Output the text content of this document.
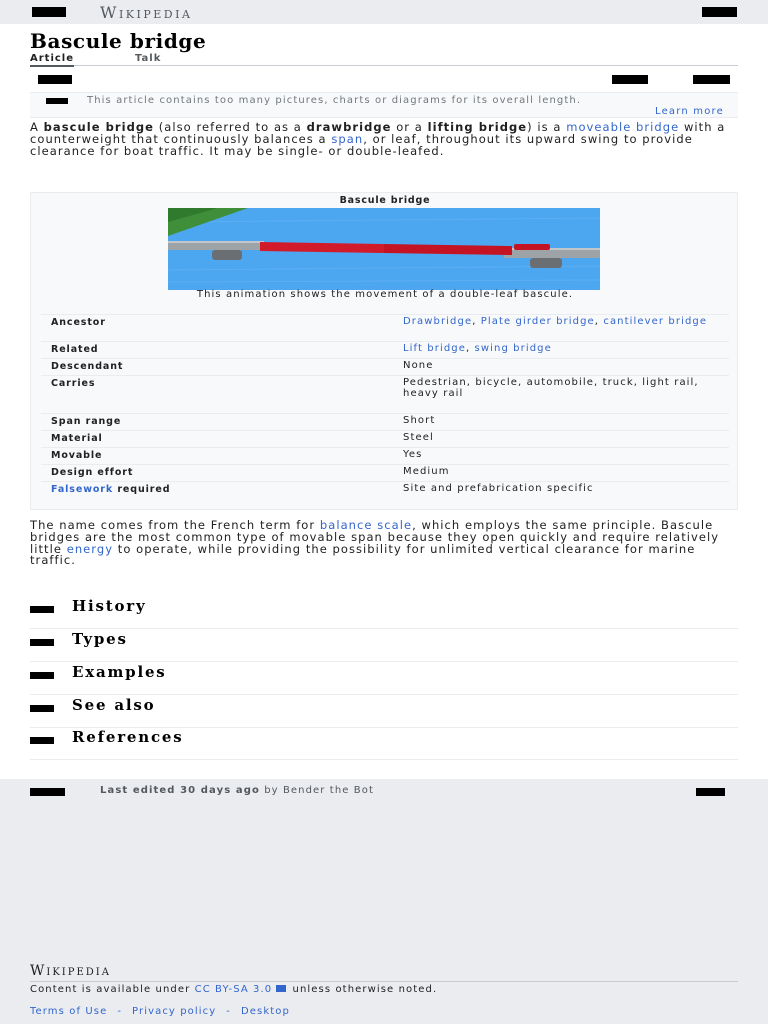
Wikipedia
Bascule bridge
Article	Talk
This article contains too many pictures, charts or diagrams for its overall length.
Learn more

A bascule bridge (also referred to as a drawbridge or a lifting bridge) is a moveable bridge with a counterweight that continuously balances a span, or leaf, throughout its upward swing to provide clearance for boat traffic. It may be single- or double-leafed.

Bascule bridge
This animation shows the movement of a double-leaf bascule.
Ancestor	Drawbridge, Plate girder bridge, cantilever bridge
Related	Lift bridge, swing bridge
Descendant	None
Carries	Pedestrian, bicycle, automobile, truck, light rail, heavy rail
Span range	Short
Material	Steel
Movable	Yes
Design effort	Medium
Falsework required	Site and prefabrication specific

The name comes from the French term for balance scale, which employs the same principle. Bascule bridges are the most common type of movable span because they open quickly and require relatively little energy to operate, while providing the possibility for unlimited vertical clearance for marine traffic.

History
Types
Examples
See also
References
Last edited 30 days ago by Bender the Bot
Wikipedia
Content is available under CC BY-SA 3.0 unless otherwise noted.
Terms of Use - Privacy policy - Desktop
